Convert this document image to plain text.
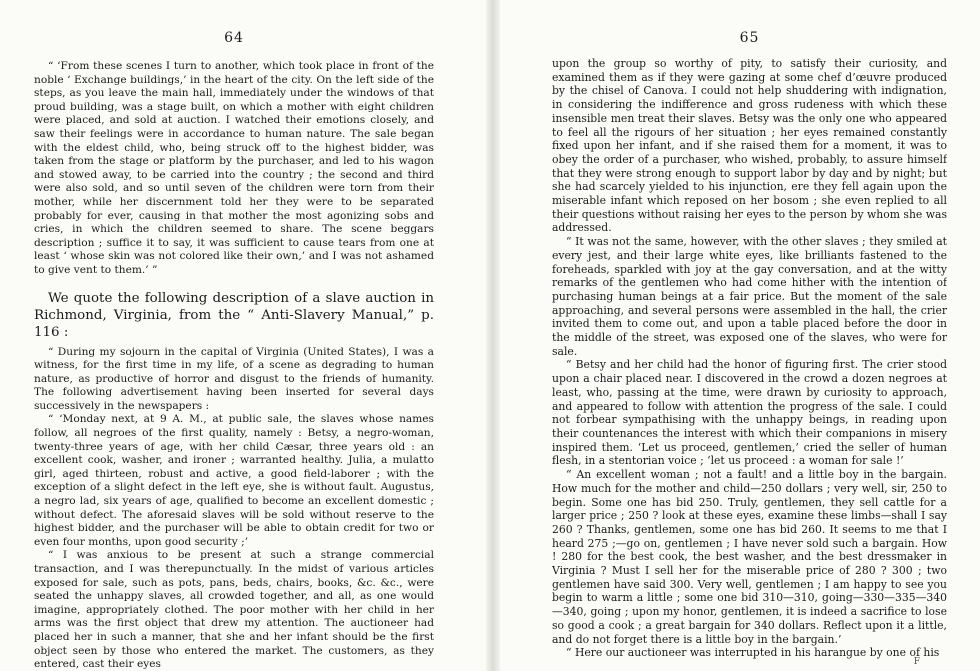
64

“ ‘From these scenes I turn to another, which took place in front of the noble ‘ Exchange buildings,’ in the heart of the city. On the left side of the steps, as you leave the main hall, immediately under the windows of that proud building, was a stage built, on which a mother with eight children were placed, and sold at auction. I watched their emotions closely, and saw their feelings were in accordance to human nature. The sale began with the eldest child, who, being struck off to the highest bidder, was taken from the stage or platform by the purchaser, and led to his wagon and stowed away, to be carried into the country ; the second and third were also sold, and so until seven of the children were torn from their mother, while her discernment told her they were to be separated probably for ever, causing in that mother the most agonizing sobs and cries, in which the children seemed to share. The scene beggars description ; suffice it to say, it was sufficient to cause tears from one at least ‘ whose skin was not colored like their own,’ and I was not ashamed to give vent to them.’ ”

We quote the following description of a slave auction in Richmond, Virginia, from the “ Anti-Slavery Manual,” p. 116 :

“ During my sojourn in the capital of Virginia (United States), I was a witness, for the first time in my life, of a scene as degrading to human nature, as productive of horror and disgust to the friends of humanity. The following advertisement having been inserted for several days successively in the newspapers :

“ ‘Monday next, at 9 A. M., at public sale, the slaves whose names follow, all negroes of the first quality, namely : Betsy, a negro-woman, twenty-three years of age, with her child Cæsar, three years old : an excellent cook, washer, and ironer ; warranted healthy. Julia, a mulatto girl, aged thirteen, robust and active, a good field-laborer ; with the exception of a slight defect in the left eye, she is without fault. Augustus, a negro lad, six years of age, qualified to become an excellent domestic ; without defect. The aforesaid slaves will be sold without reserve to the highest bidder, and the purchaser will be able to obtain credit for two or even four months, upon good security ;’

“ I was anxious to be present at such a strange commercial transaction, and I was therepunctually. In the midst of various articles exposed for sale, such as pots, pans, beds, chairs, books, &c. &c., were seated the unhappy slaves, all crowded together, and all, as one would imagine, appropriately clothed. The poor mother with her child in her arms was the first object that drew my attention. The auctioneer had placed her in such a manner, that she and her infant should be the first object seen by those who entered the market. The customers, as they entered, cast their eyes

65

upon the group so worthy of pity, to satisfy their curiosity, and examined them as if they were gazing at some chef d’œuvre produced by the chisel of Canova. I could not help shuddering with indignation, in considering the indifference and gross rudeness with which these insensible men treat their slaves. Betsy was the only one who appeared to feel all the rigours of her situation ; her eyes remained constantly fixed upon her infant, and if she raised them for a moment, it was to obey the order of a purchaser, who wished, probably, to assure himself that they were strong enough to support labor by day and by night; but she had scarcely yielded to his injunction, ere they fell again upon the miserable infant which reposed on her bosom ; she even replied to all their questions without raising her eyes to the person by whom she was addressed.

“ It was not the same, however, with the other slaves ; they smiled at every jest, and their large white eyes, like brilliants fastened to the foreheads, sparkled with joy at the gay conversation, and at the witty remarks of the gentlemen who had come hither with the intention of purchasing human beings at a fair price. But the moment of the sale approaching, and several persons were assembled in the hall, the crier invited them to come out, and upon a table placed before the door in the middle of the street, was exposed one of the slaves, who were for sale.

“ Betsy and her child had the honor of figuring first. The crier stood upon a chair placed near. I discovered in the crowd a dozen negroes at least, who, passing at the time, were drawn by curiosity to approach, and appeared to follow with attention the progress of the sale. I could not forbear sympathising with the unhappy beings, in reading upon their countenances the interest with which their companions in misery inspired them. ‘Let us proceed, gentlemen,’ cried the seller of human flesh, in a stentorian voice ; ‘let us proceed : a woman for sale !’

“ An excellent woman ; not a fault! and a little boy in the bargain. How much for the mother and child—250 dollars ; very well, sir, 250 to begin. Some one has bid 250. Truly, gentlemen, they sell cattle for a larger price ; 250 ? look at these eyes, examine these limbs—shall I say 260 ? Thanks, gentlemen, some one has bid 260. It seems to me that I heard 275 ;—go on, gentlemen ; I have never sold such a bargain. How ! 280 for the best cook, the best washer, and the best dressmaker in Virginia ? Must I sell her for the miserable price of 280 ? 300 ; two gentlemen have said 300. Very well, gentlemen ; I am happy to see you begin to warm a little ; some one bid 310—310, going—330—335—340—340, going ; upon my honor, gentlemen, it is indeed a sacrifice to lose so good a cook ; a great bargain for 340 dollars. Reflect upon it a little, and do not forget there is a little boy in the bargain.’

“ Here our auctioneer was interrupted in his harangue by one of his

F
